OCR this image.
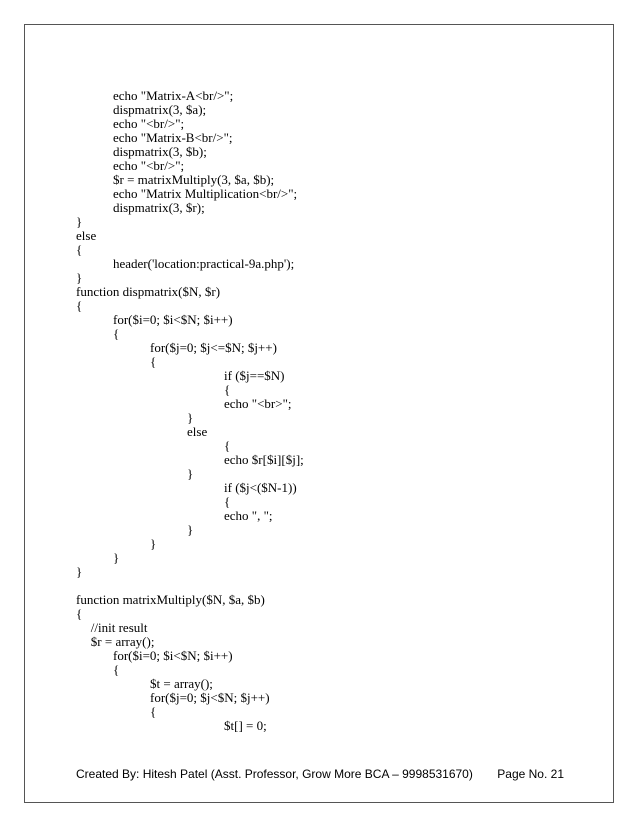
echo "Matrix-A<br/>";
dispmatrix(3, $a);
echo "<br/>";
echo "Matrix-B<br/>";
dispmatrix(3, $b);
echo "<br/>";
$r = matrixMultiply(3, $a, $b);
echo "Matrix Multiplication<br/>";
dispmatrix(3, $r);
}
else
{
header('location:practical-9a.php');
}
function dispmatrix($N, $r)
{
for($i=0; $i<$N; $i++)
{
for($j=0; $j<=$N; $j++)
{
if ($j==$N)
{
echo "<br>";
}
else
{
echo $r[$i][$j];
}
if ($j<($N-1))
{
echo ", ";
}
}
}
}
function matrixMultiply($N, $a, $b)
{
//init result
$r = array();
for($i=0; $i<$N; $i++)
{
$t = array();
for($j=0; $j<$N; $j++)
{
$t[] = 0;
Created By: Hitesh Patel (Asst. Professor, Grow More BCA – 9998531670) Page No. 21
